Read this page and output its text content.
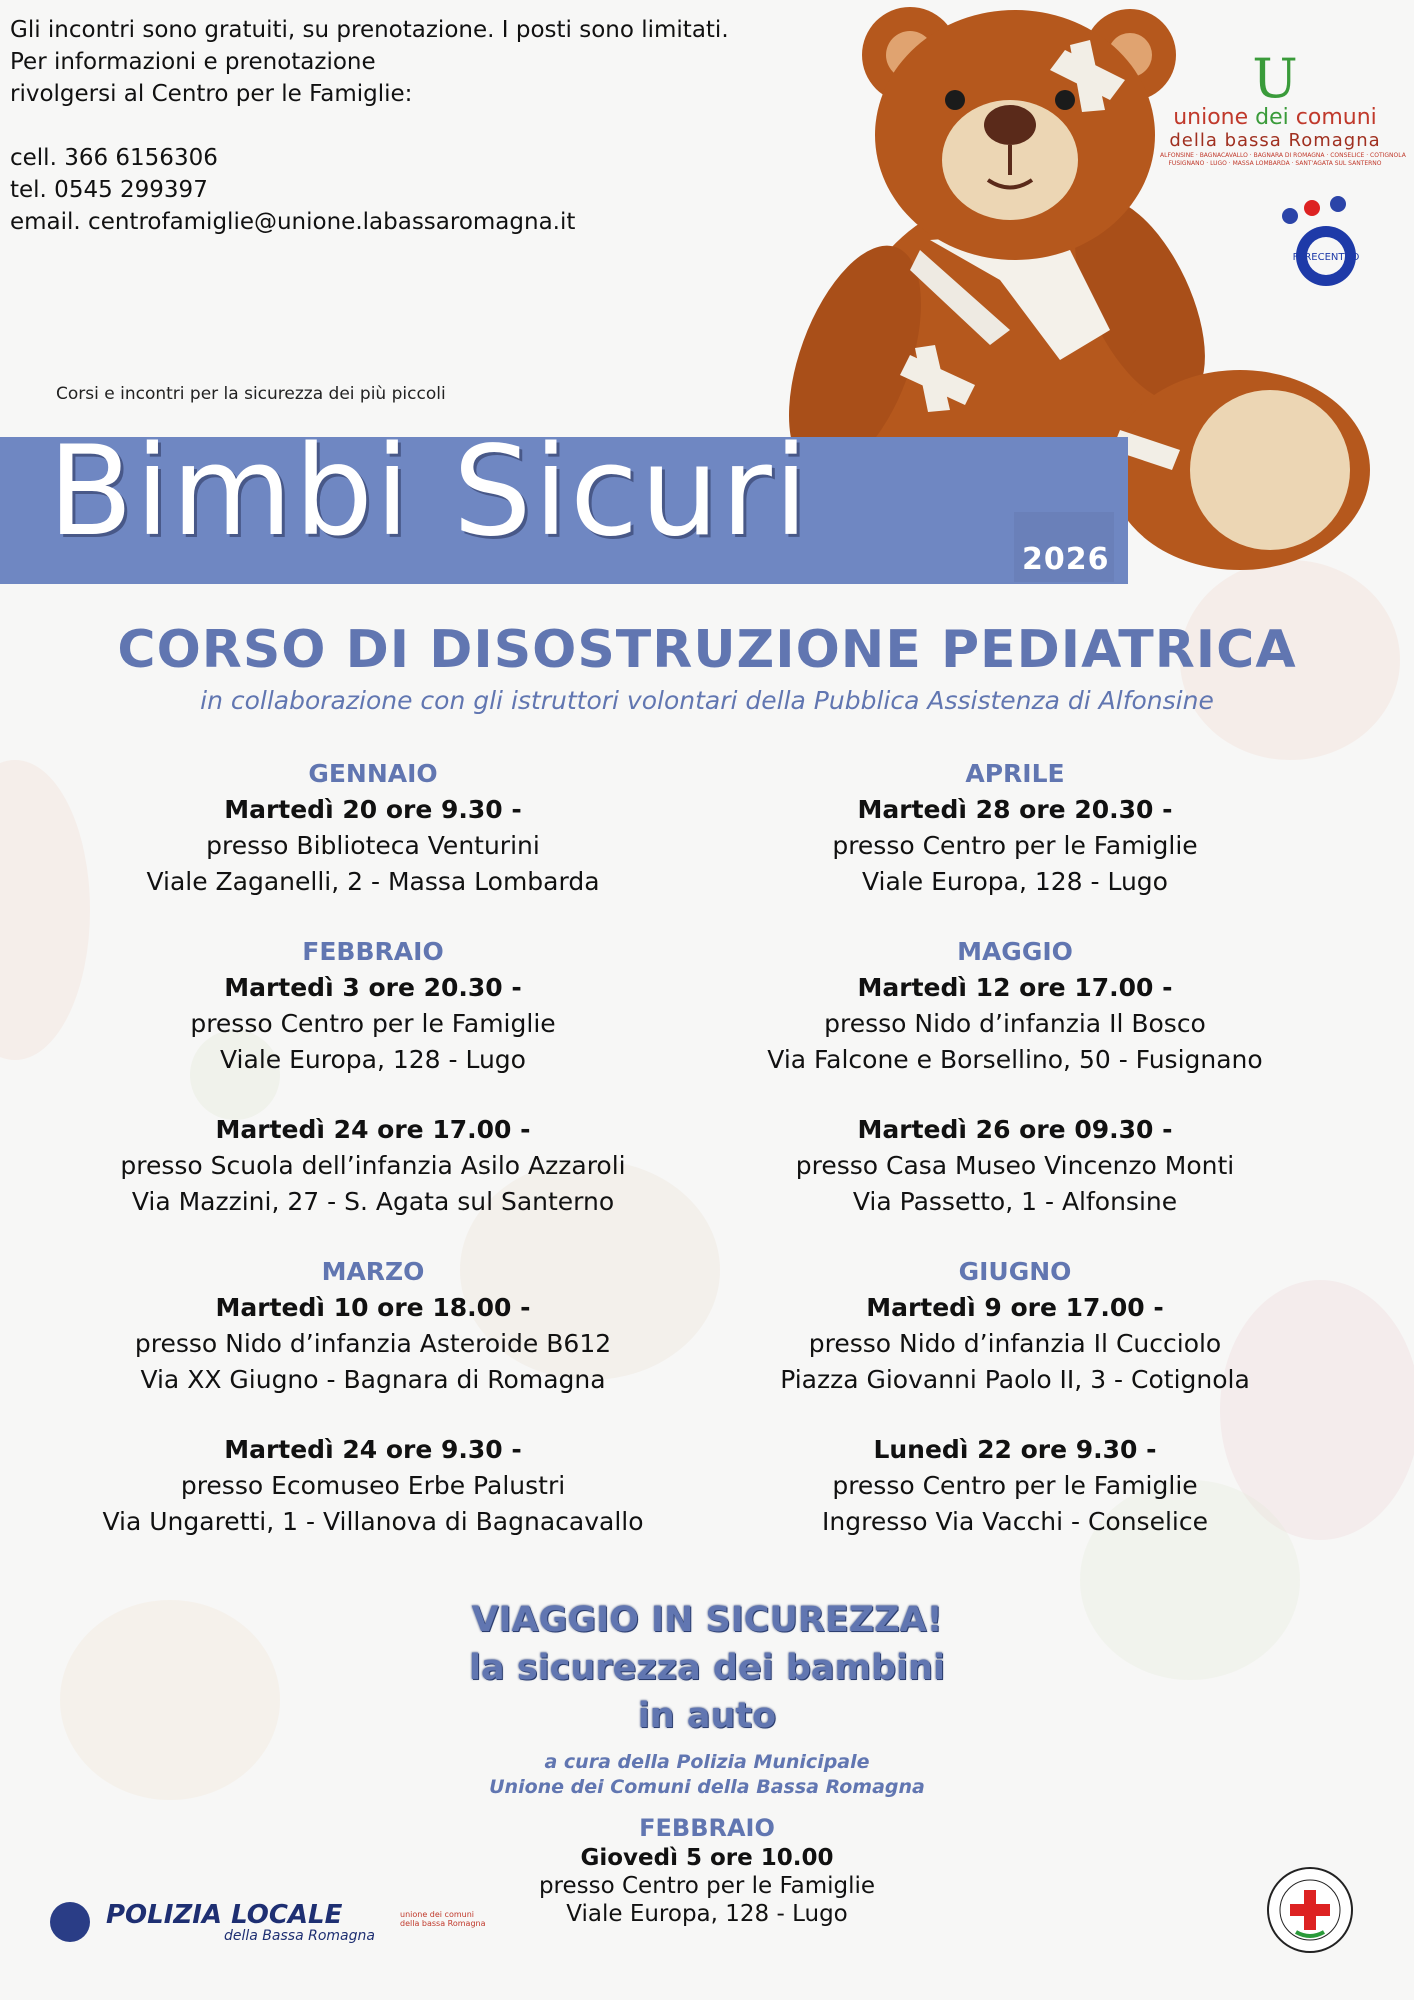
Gli incontri sono gratuiti, su prenotazione. I posti sono limitati.
Per informazioni e prenotazione
rivolgersi al Centro per le Famiglie:
cell. 366 6156306
tel. 0545 299397
email. centrofamiglie@unione.labassaromagna.it
U
unione dei comuni
della bassa Romagna
ALFONSINE · BAGNACAVALLO · BAGNARA DI ROMAGNA · CONSELICE · COTIGNOLA
FUSIGNANO · LUGO · MASSA LOMBARDA · SANT'AGATA SUL SANTERNO
FARECENTRO
Corsi e incontri per la sicurezza dei più piccoli
Bimbi Sicuri	2026
CORSO DI DISOSTRUZIONE PEDIATRICA
in collaborazione con gli istruttori volontari della Pubblica Assistenza di Alfonsine
GENNAIO
Martedì 20 ore 9.30 -
presso Biblioteca Venturini
Viale Zaganelli, 2 - Massa Lombarda
FEBBRAIO
Martedì 3 ore 20.30 -
presso Centro per le Famiglie
Viale Europa, 128 - Lugo
Martedì 24 ore 17.00 -
presso Scuola dell’infanzia Asilo Azzaroli
Via Mazzini, 27 - S. Agata sul Santerno
MARZO
Martedì 10 ore 18.00 -
presso Nido d’infanzia Asteroide B612
Via XX Giugno - Bagnara di Romagna
Martedì 24 ore 9.30 -
presso Ecomuseo Erbe Palustri
Via Ungaretti, 1 - Villanova di Bagnacavallo
APRILE
Martedì 28 ore 20.30 -
presso Centro per le Famiglie
Viale Europa, 128 - Lugo
MAGGIO
Martedì 12 ore 17.00 -
presso Nido d’infanzia Il Bosco
Via Falcone e Borsellino, 50 - Fusignano
Martedì 26 ore 09.30 -
presso Casa Museo Vincenzo Monti
Via Passetto, 1 - Alfonsine
GIUGNO
Martedì 9 ore 17.00 -
presso Nido d’infanzia Il Cucciolo
Piazza Giovanni Paolo II, 3 - Cotignola
Lunedì 22 ore 9.30 -
presso Centro per le Famiglie
Ingresso Via Vacchi - Conselice
VIAGGIO IN SICUREZZA!
la sicurezza dei bambini
in auto
a cura della Polizia Municipale
Unione dei Comuni della Bassa Romagna
FEBBRAIO
Giovedì 5 ore 10.00
presso Centro per le Famiglie
Viale Europa, 128 - Lugo
POLIZIA LOCALE
della Bassa Romagna
unione dei comuni
della bassa Romagna
